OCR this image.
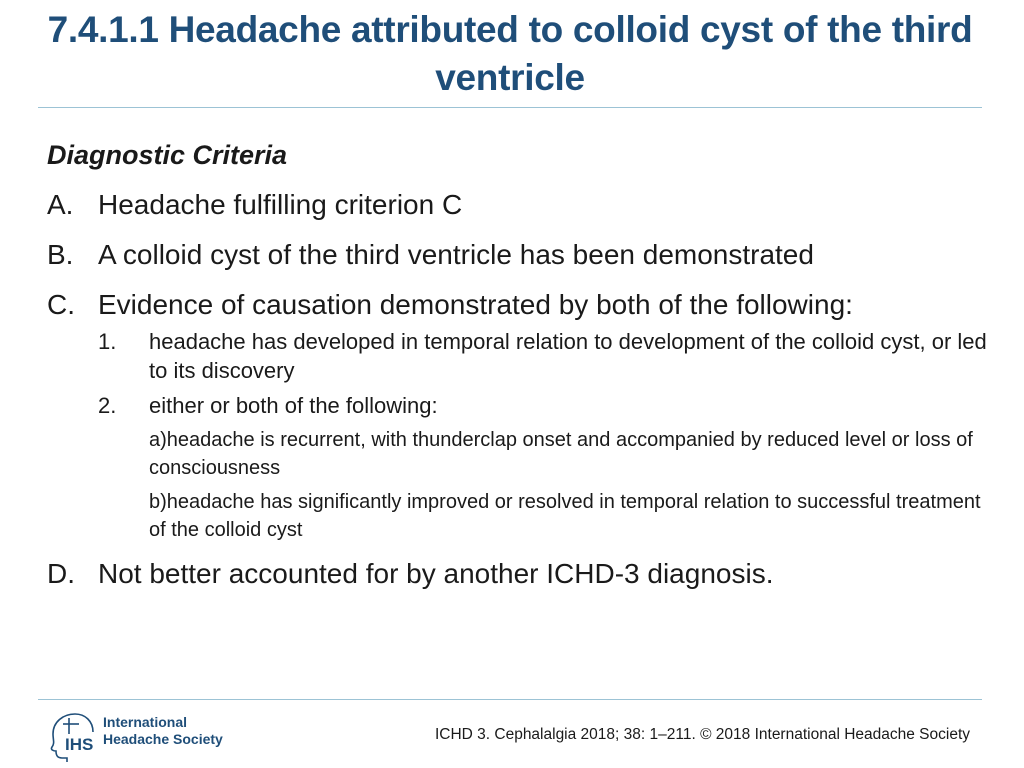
7.4.1.1 Headache attributed to colloid cyst of the third ventricle
Diagnostic Criteria
A. Headache fulfilling criterion C
B. A colloid cyst of the third ventricle has been demonstrated
C. Evidence of causation demonstrated by both of the following:
1. headache has developed in temporal relation to development of the colloid cyst, or led to its discovery
2. either or both of the following:
a)headache is recurrent, with thunderclap onset and accompanied by reduced level or loss of consciousness
b)headache has significantly improved or resolved in temporal relation to successful treatment of the colloid cyst
D. Not better accounted for by another ICHD-3 diagnosis.
IHS
International
Headache Society	ICHD 3. Cephalalgia 2018; 38: 1–211. © 2018 International Headache Society
